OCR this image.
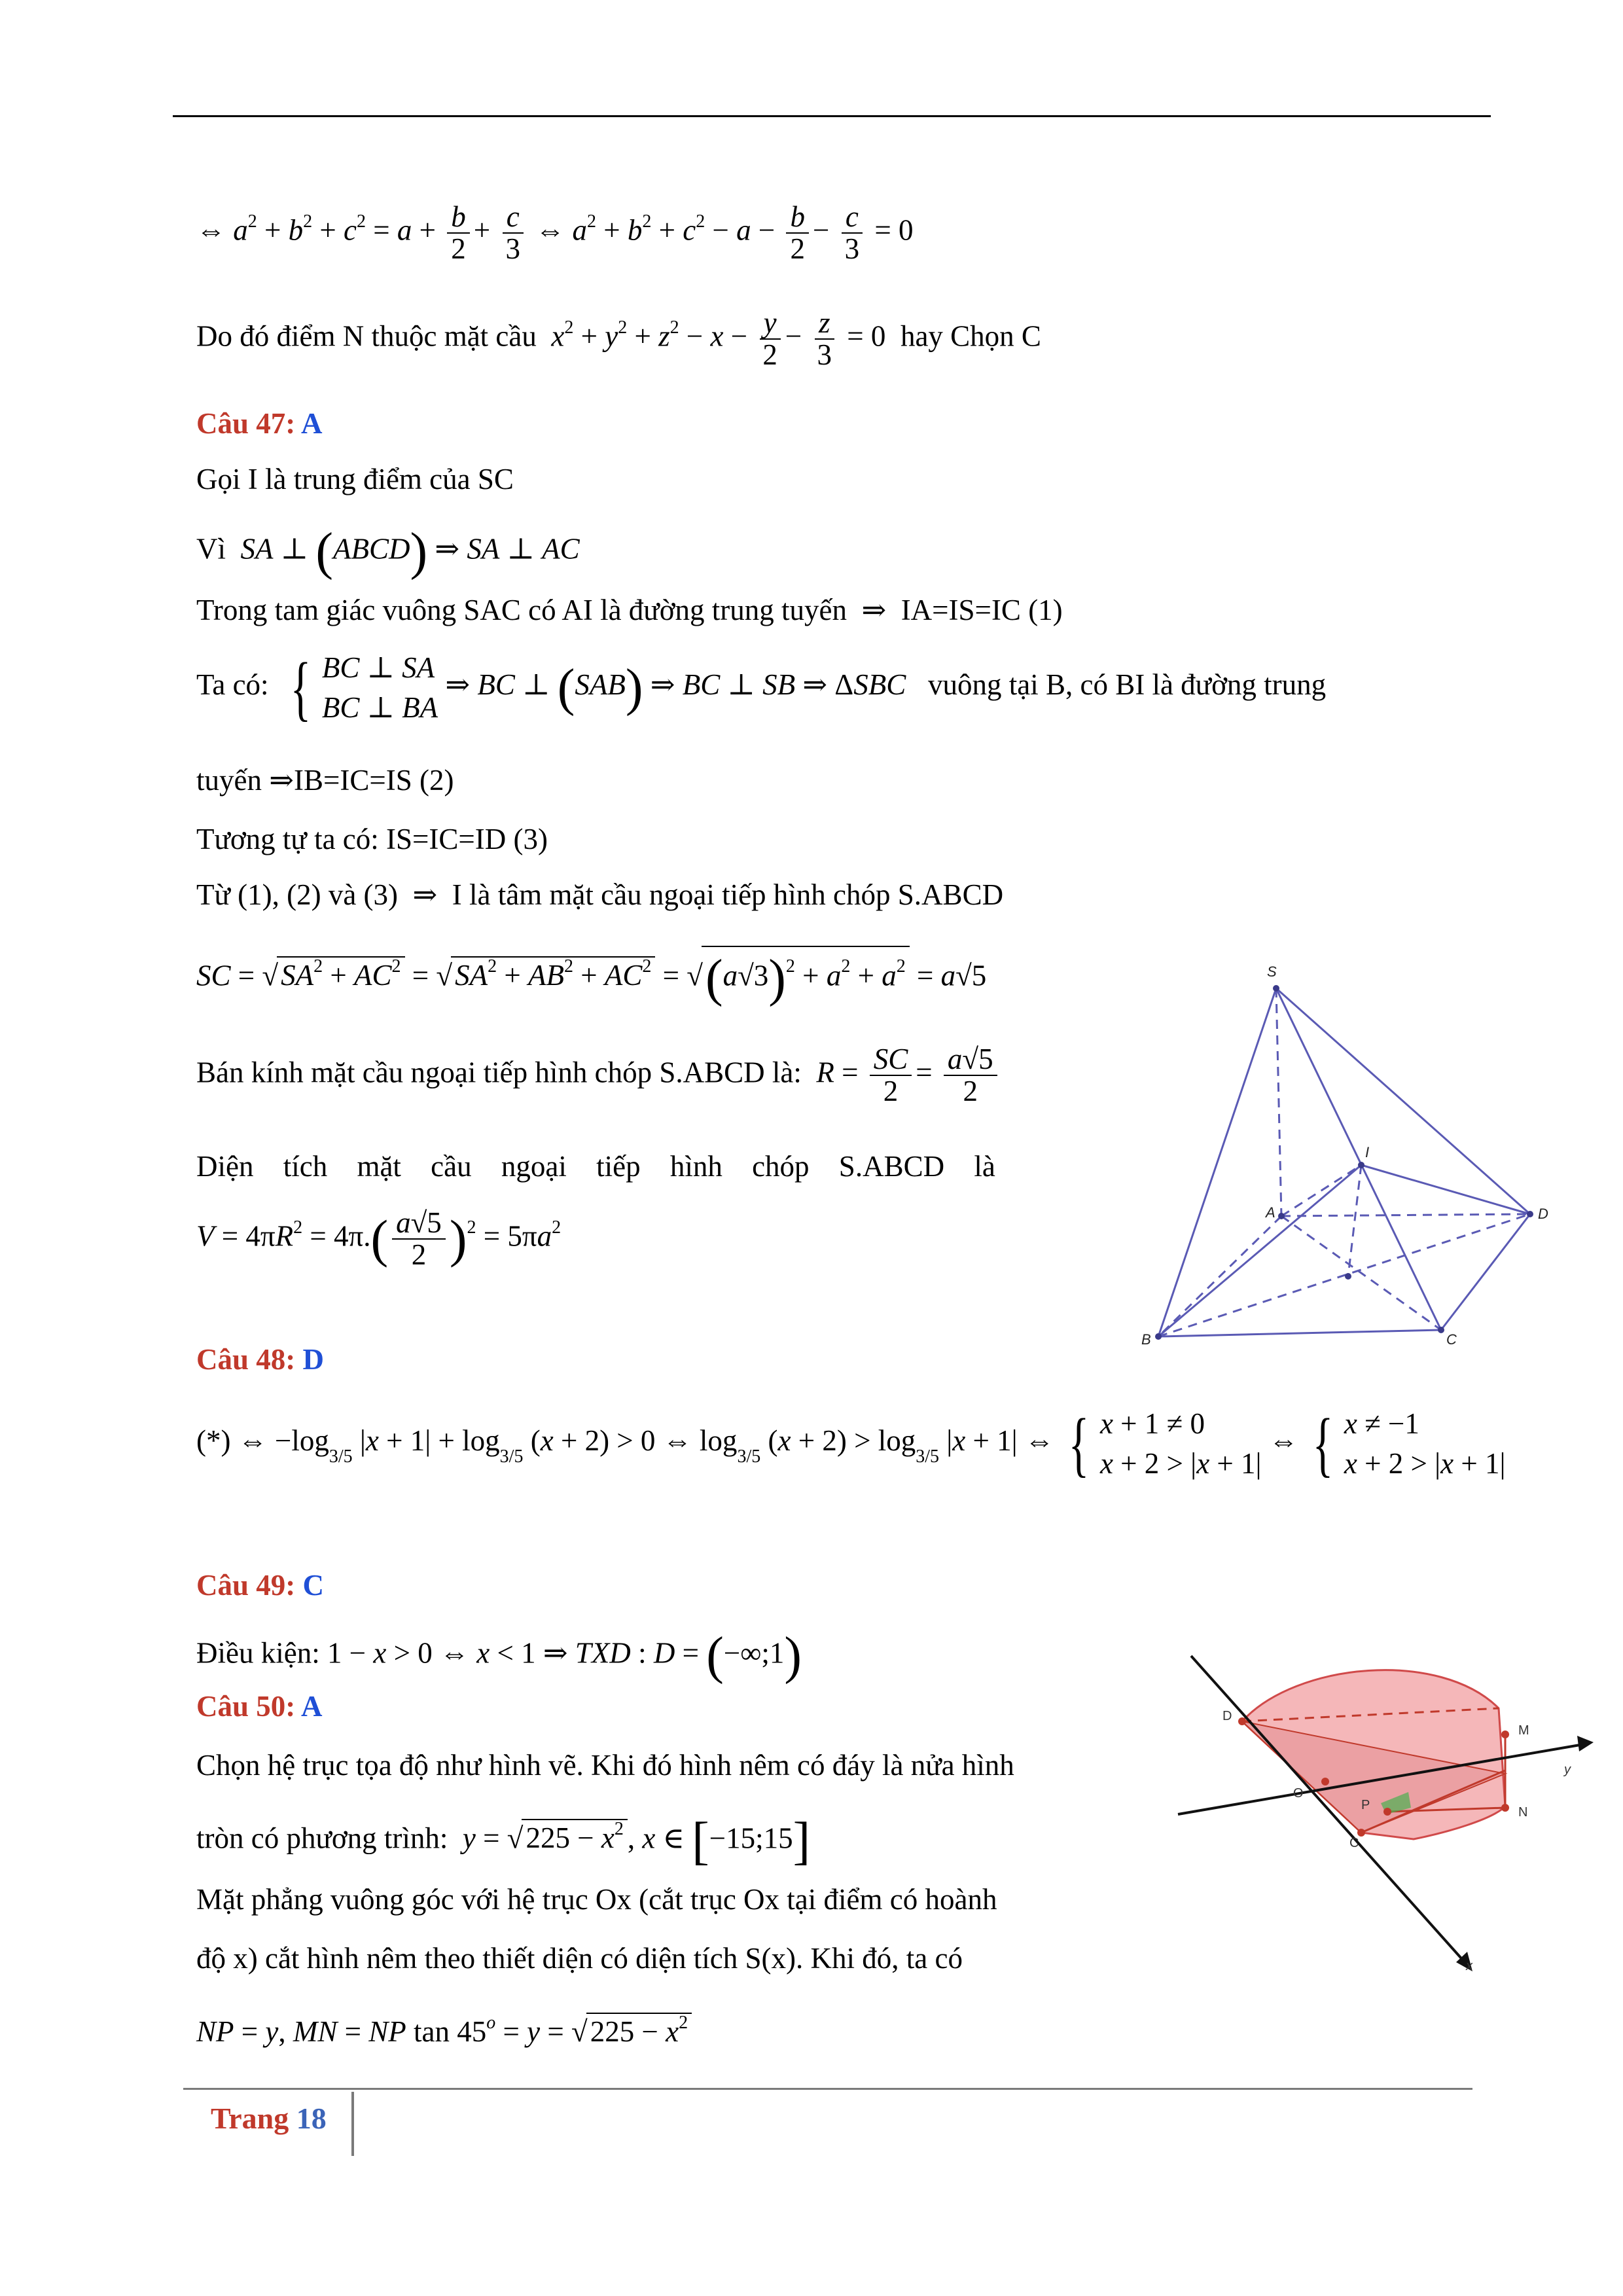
⇔ $a^2 + b^2 + c^2 = a + \frac{b}{2} + \frac{c}{3}$ ⇔ $a^2 + b^2 + c^2 - a - \frac{b}{2} - \frac{c}{3} = 0$
Do đó điểm N thuộc mặt cầu $x^2 + y^2 + z^2 - x - \frac{y}{2} - \frac{z}{3} = 0$  hay Chọn C
Câu 47: A
Gọi I là trung điểm của SC
Vì SA ⊥ (ABCD) ⇒ SA ⊥ AC
Trong tam giác vuông SAC có AI là đường trung tuyến  ⇒  IA=IS=IC (1)
Ta có: { BC ⊥ SA
BC ⊥ BA
⇒ BC ⊥ (SAB) ⇒ BC ⊥ SB ⇒ ΔSBC vuông tại B, có BI là đường trung
tuyến ⇒IB=IC=IS (2)
Tương tự ta có: IS=IC=ID (3)
Từ (1), (2) và (3)  ⇒  I là tâm mặt cầu ngoại tiếp hình chóp S.ABCD
SC = $√SA^2 + AC^2 = √SA^2 + AB^2 + AC^2 = √(a√3)^2 + a^2 + a^2 = a√5$
Bán kính mặt cầu ngoại tiếp hình chóp S.ABCD là: $R = \frac{SC}{2} = \frac{a√5}{2}$
Diện tích mặt cầu ngoại tiếp hình chóp S.ABCD là
$V = 4\pi R^2 = 4\pi.( \frac{a√5}{2} )^2 = 5\pi a^2$
S
I
A	D
B	C
Câu 48: D
(*) ⇔ $-\log_{3/5}$ $|x + 1| + \log_{3/5} (x + 2) > 0$ ⇔ $\log_{3/5} (x + 2) > \log_{3/5} |x + 1|$ ⇔ { x + 1 ≠ 0
x + 2 > |x + 1|
⇔ { x ≠ −1
x + 2 > |x + 1|
Câu 49: C
Điều kiện: 1 − x > 0 ⇔ x < 1 ⇒ TXD : D = (−∞;1)
Câu 50: A
Chọn hệ trục tọa độ như hình vẽ. Khi đó hình nêm có đáy là nửa hình
tròn có phương trình: $y = √225 - x^2$ , x ∈ [−15;15]
Mặt phẳng vuông góc với hệ trục Ox (cắt trục Ox tại điểm có hoành
độ x) cắt hình nêm theo thiết diện có diện tích S(x). Khi đó, ta có
NP = y, MN = NP $\tan 45^o = y = √225 - x^2$
D
M
y
O
N
P
C
x
Trang 18
